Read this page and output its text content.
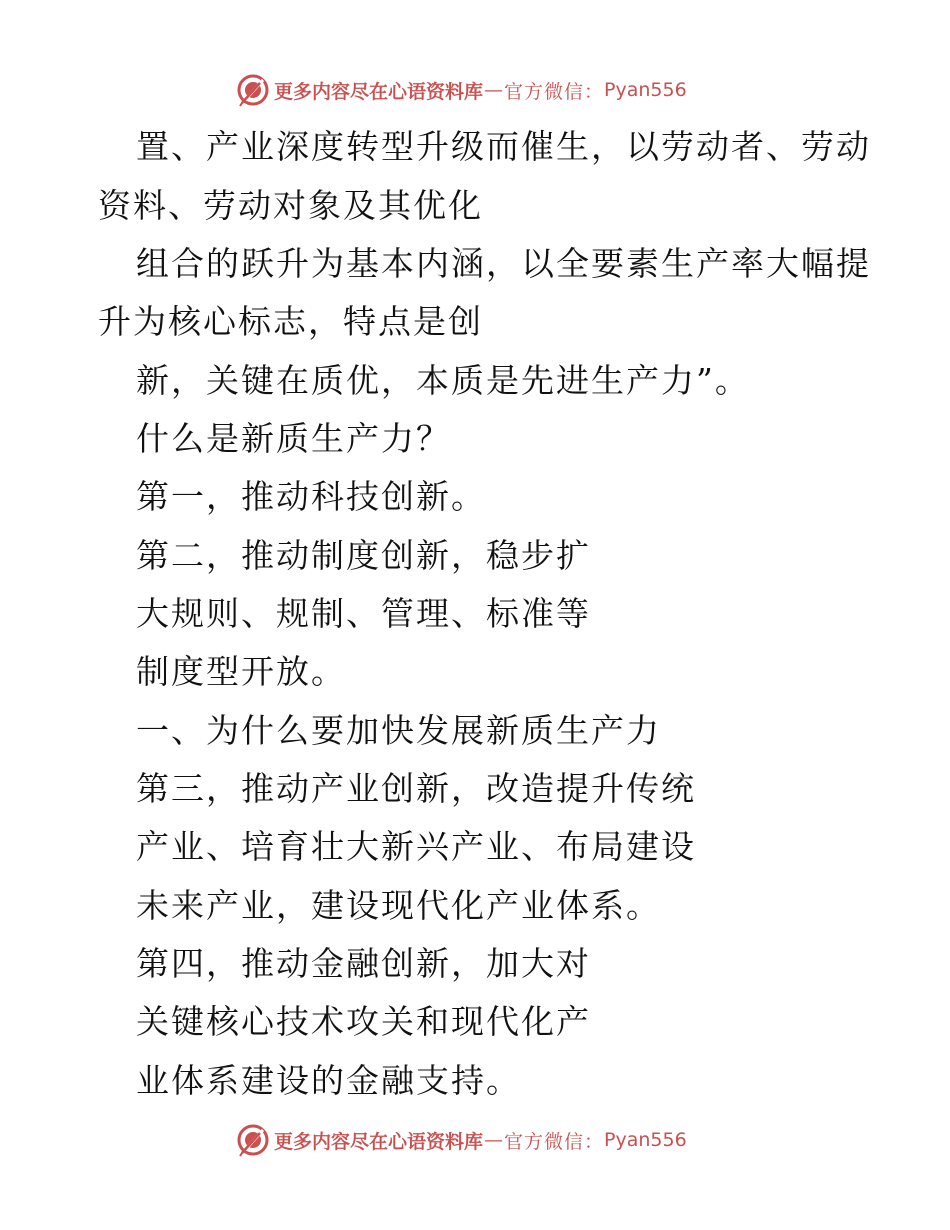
更多内容尽在心语资料库 — 官方微信： Pyan556
置、产业深度转型升级而催生，以劳动者、劳动
资料、劳动对象及其优化
组合的跃升为基本内涵，以全要素生产率大幅提
升为核心标志，特点是创
新，关键在质优，本质是先进生产力”。
什么是新质生产力？
第一，推动科技创新。
第二，推动制度创新，稳步扩
大规则、规制、管理、标准等
制度型开放。
一、为什么要加快发展新质生产力
第三，推动产业创新，改造提升传统
产业、培育壮大新兴产业、布局建设
未来产业，建设现代化产业体系。
第四，推动金融创新，加大对
关键核心技术攻关和现代化产
业体系建设的金融支持。
更多内容尽在心语资料库 — 官方微信： Pyan556
